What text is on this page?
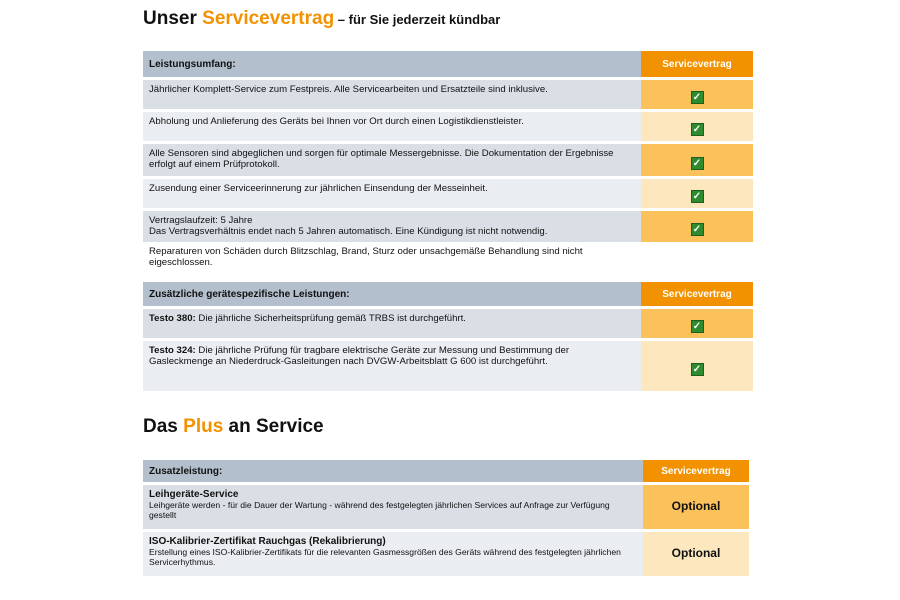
Unser Servicevertrag – für Sie jederzeit kündbar
Leistungsumfang:	Servicevertrag
Jährlicher Komplett-Service zum Festpreis. Alle Servicearbeiten und Ersatzteile sind inklusive.	✓
Abholung und Anlieferung des Geräts bei Ihnen vor Ort durch einen Logistikdienstleister.	✓
Alle Sensoren sind abgeglichen und sorgen für optimale Messergebnisse. Die Dokumentation der Ergebnisse erfolgt auf einem Prüfprotokoll.	✓
Zusendung einer Serviceerinnerung zur jährlichen Einsendung der Messeinheit.	✓
Vertragslaufzeit: 5 Jahre
Das Vertragsverhältnis endet nach 5 Jahren automatisch. Eine Kündigung ist nicht notwendig.	✓
Reparaturen von Schäden durch Blitzschlag, Brand, Sturz oder unsachgemäße Behandlung sind nicht eigeschlossen.	
Zusätzliche gerätespezifische Leistungen:	Servicevertrag
Testo 380: Die jährliche Sicherheitsprüfung gemäß TRBS ist durchgeführt.	✓
Testo 324: Die jährliche Prüfung für tragbare elektrische Geräte zur Messung und Bestimmung der Gasleckmenge an Niederdruck-Gasleitungen nach DVGW-Arbeitsblatt G 600 ist durchgeführt.	✓
Das Plus an Service
Zusatzleistung:	Servicevertrag

Leihgeräte-Service
Leihgeräte werden - für die Dauer der Wartung - während des festgelegten jährlichen Services auf Anfrage zur Verfügung gestellt	Optional

ISO-Kalibrier-Zertifikat Rauchgas (Rekalibrierung)
Erstellung eines ISO-Kalibrier-Zertifikats für die relevanten Gasmessgrößen des Geräts während des festgelegten jährlichen Servicerhythmus.	Optional
